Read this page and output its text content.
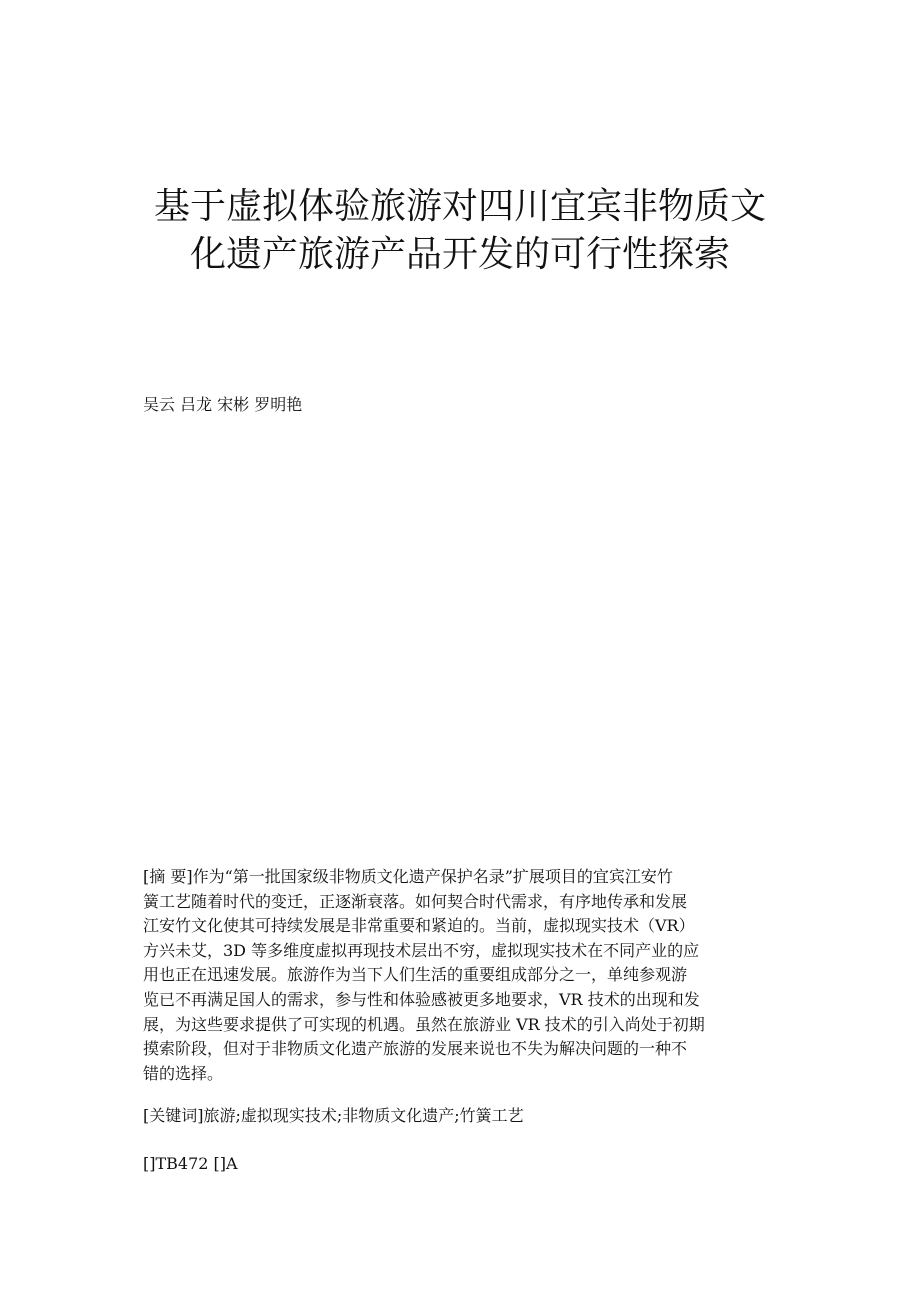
基于虚拟体验旅游对四川宜宾非物质文
化遗产旅游产品开发的可行性探索

吴云 吕龙 宋彬 罗明艳

[摘 要]作为“第一批国家级非物质文化遗产保护名录”扩展项目的宜宾江安竹
簧工艺随着时代的变迁，正逐渐衰落。如何契合时代需求，有序地传承和发展
江安竹文化使其可持续发展是非常重要和紧迫的。当前，虚拟现实技术（VR）
方兴未艾，3D 等多维度虚拟再现技术层出不穷，虚拟现实技术在不同产业的应
用也正在迅速发展。旅游作为当下人们生活的重要组成部分之一，单纯参观游
览已不再满足国人的需求，参与性和体验感被更多地要求，VR 技术的出现和发
展，为这些要求提供了可实现的机遇。虽然在旅游业 VR 技术的引入尚处于初期
摸索阶段，但对于非物质文化遗产旅游的发展来说也不失为解决问题的一种不
错的选择。

[关键词]旅游;虚拟现实技术;非物质文化遗产;竹簧工艺

[]TB472 []A
